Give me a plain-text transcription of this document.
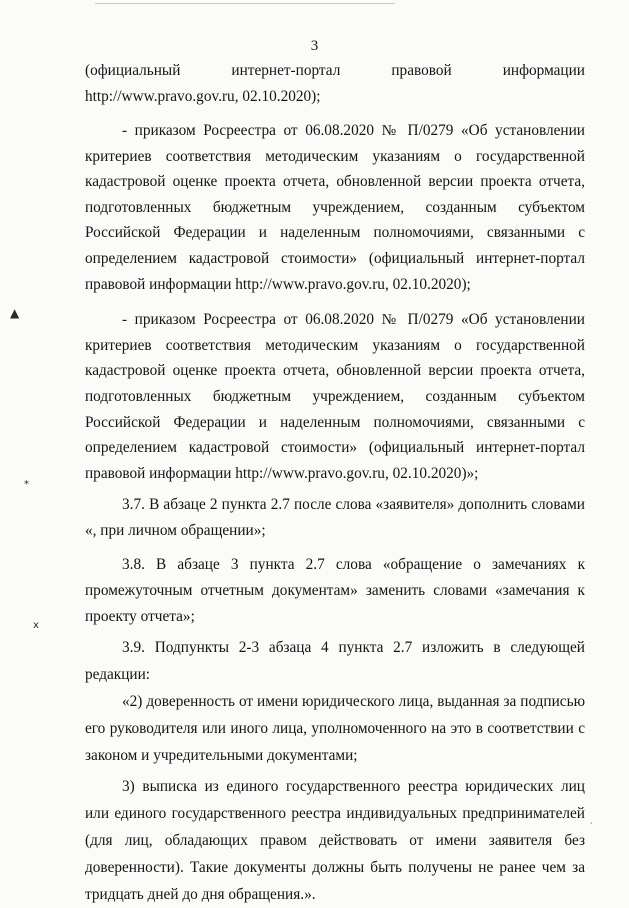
3

(официальный интернет-портал правовой информации

http://www.pravo.gov.ru, 02.10.2020);

- приказом Росреестра от 06.08.2020 № П/0279 «Об установлении критериев соответствия методическим указаниям о государственной кадастровой оценке проекта отчета, обновленной версии проекта отчета, подготовленных бюджетным учреждением, созданным субъектом Российской Федерации и наделенным полномочиями, связанными с определением кадастровой стоимости» (официальный интернет-портал правовой информации http://www.pravo.gov.ru, 02.10.2020);

- приказом Росреестра от 06.08.2020 № П/0279 «Об установлении критериев соответствия методическим указаниям о государственной кадастровой оценке проекта отчета, обновленной версии проекта отчета, подготовленных бюджетным учреждением, созданным субъектом Российской Федерации и наделенным полномочиями, связанными с определением кадастровой стоимости» (официальный интернет-портал правовой информации http://www.pravo.gov.ru, 02.10.2020)»;

3.7. В абзаце 2 пункта 2.7 после слова «заявителя» дополнить словами «, при личном обращении»;

3.8. В абзаце 3 пункта 2.7 слова «обращение о замечаниях к промежуточным отчетным документам» заменить словами «замечания к проекту отчета»;

3.9. Подпункты 2-3 абзаца 4 пункта 2.7 изложить в следующей редакции:

«2) доверенность от имени юридического лица, выданная за подписью его руководителя или иного лица, уполномоченного на это в соответствии с законом и учредительными документами;

3) выписка из единого государственного реестра юридических лиц или единого государственного реестра индивидуальных предпринимателей (для лиц, обладающих правом действовать от имени заявителя без доверенности). Такие документы должны быть получены не ранее чем за тридцать дней до дня обращения.».

▲
⁎
ⅹ
·
